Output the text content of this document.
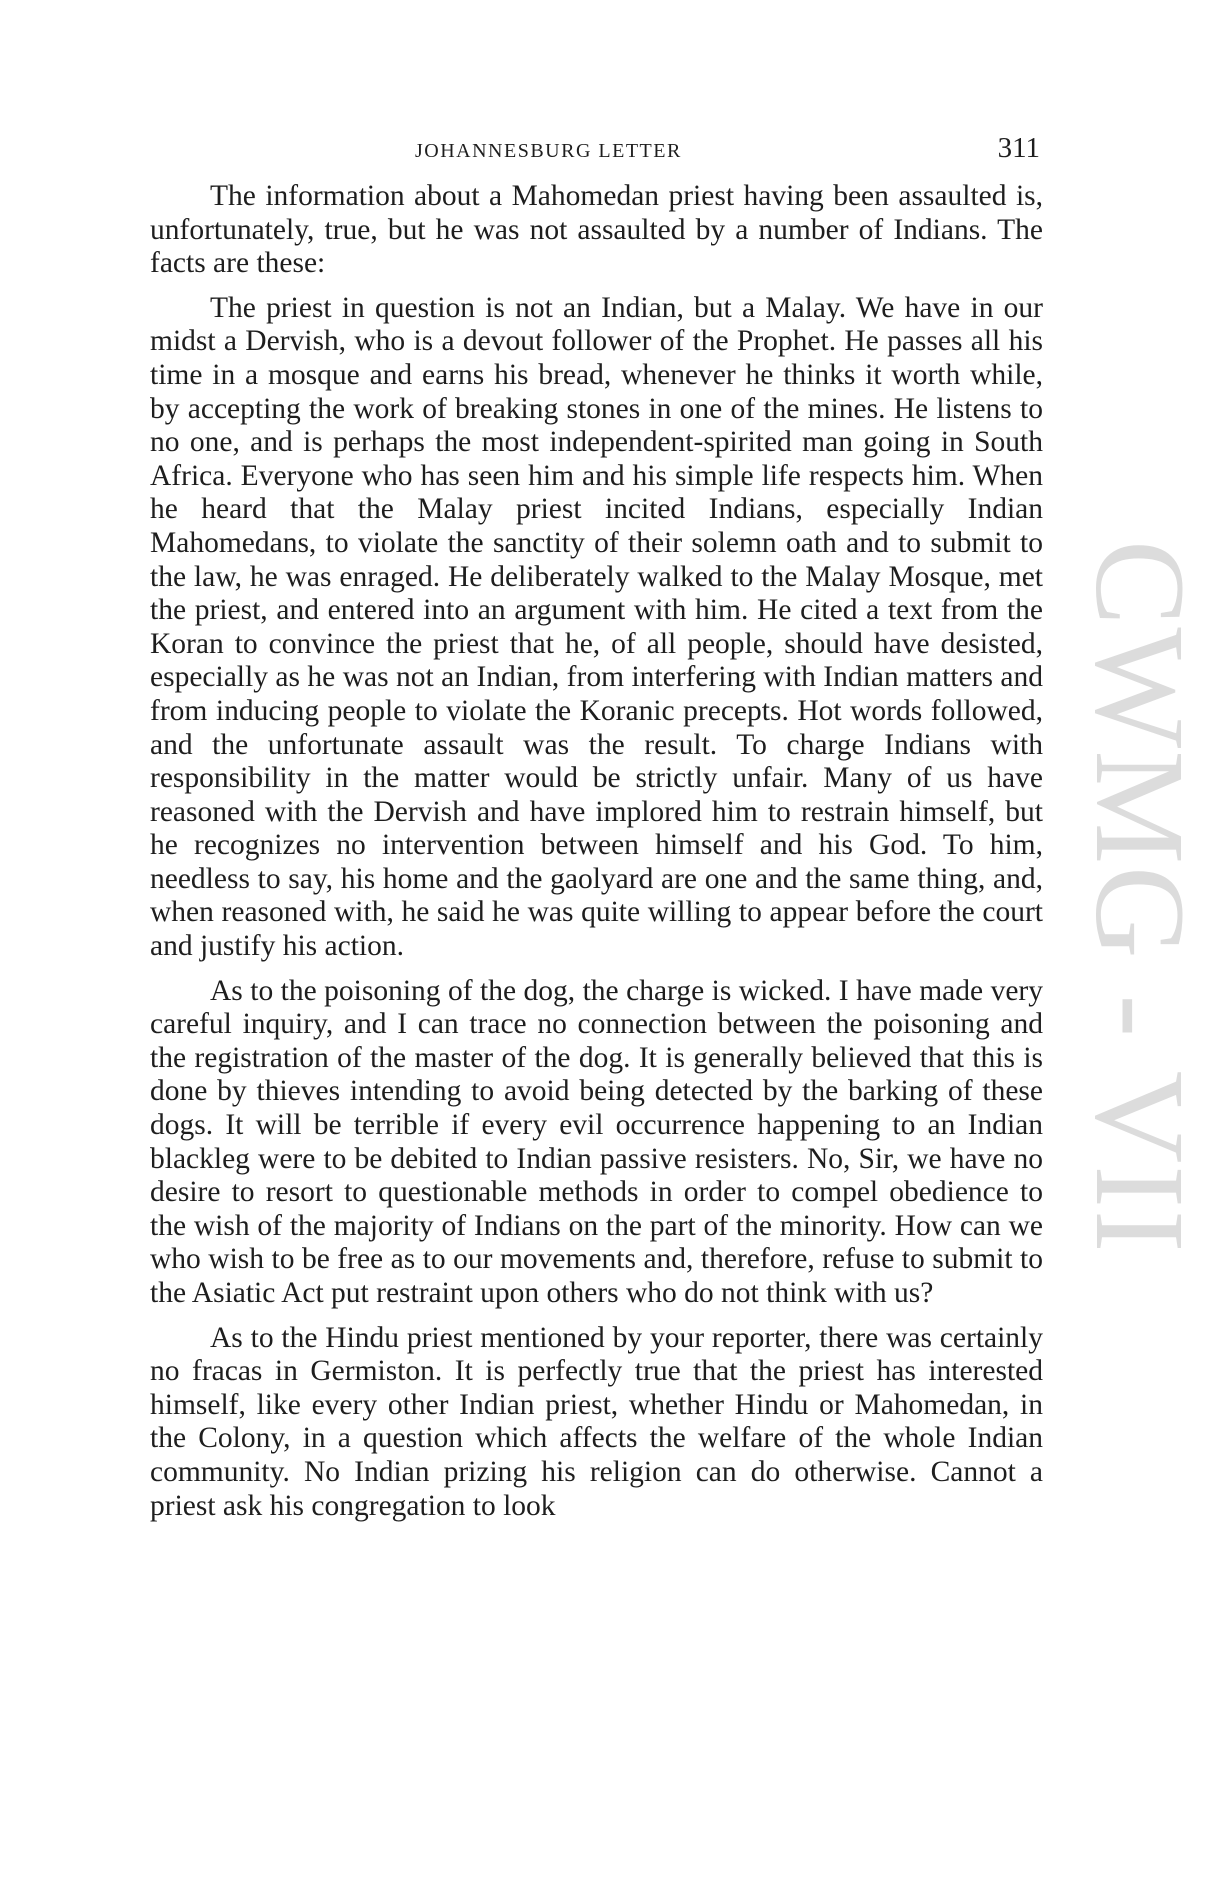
JOHANNESBURG LETTER	311

The information about a Mahomedan priest having been assaulted is, unfortunately, true, but he was not assaulted by a number of Indians. The facts are these:

The priest in question is not an Indian, but a Malay. We have in our midst a Dervish, who is a devout follower of the Prophet. He passes all his time in a mosque and earns his bread, whenever he thinks it worth while, by accepting the work of breaking stones in one of the mines. He listens to no one, and is perhaps the most independent-spirited man going in South Africa. Everyone who has seen him and his simple life respects him. When he heard that the Malay priest incited Indians, especially Indian Mahomedans, to violate the sanctity of their solemn oath and to submit to the law, he was enraged. He deliberately walked to the Malay Mosque, met the priest, and entered into an argument with him. He cited a text from the Koran to convince the priest that he, of all people, should have desisted, especially as he was not an Indian, from interfering with Indian matters and from inducing people to violate the Koranic precepts. Hot words followed, and the unfortunate assault was the result. To charge Indians with responsibility in the matter would be strictly unfair. Many of us have reasoned with the Dervish and have implored him to restrain himself, but he recognizes no intervention between himself and his God. To him, needless to say, his home and the gaolyard are one and the same thing, and, when reasoned with, he said he was quite willing to appear before the court and justify his action.

As to the poisoning of the dog, the charge is wicked. I have made very careful inquiry, and I can trace no connection between the poisoning and the registration of the master of the dog. It is generally believed that this is done by thieves intending to avoid being detected by the barking of these dogs. It will be terrible if every evil occurrence happening to an Indian blackleg were to be debited to Indian passive resisters. No, Sir, we have no desire to resort to questionable methods in order to compel obedience to the wish of the majority of Indians on the part of the minority. How can we who wish to be free as to our movements and, therefore, refuse to submit to the Asiatic Act put restraint upon others who do not think with us?

As to the Hindu priest mentioned by your reporter, there was certainly no fracas in Germiston. It is perfectly true that the priest has interested himself, like every other Indian priest, whether Hindu or Mahomedan, in the Colony, in a question which affects the welfare of the whole Indian community. No Indian prizing his religion can do otherwise. Cannot a priest ask his congregation to look

CWMG - VII
